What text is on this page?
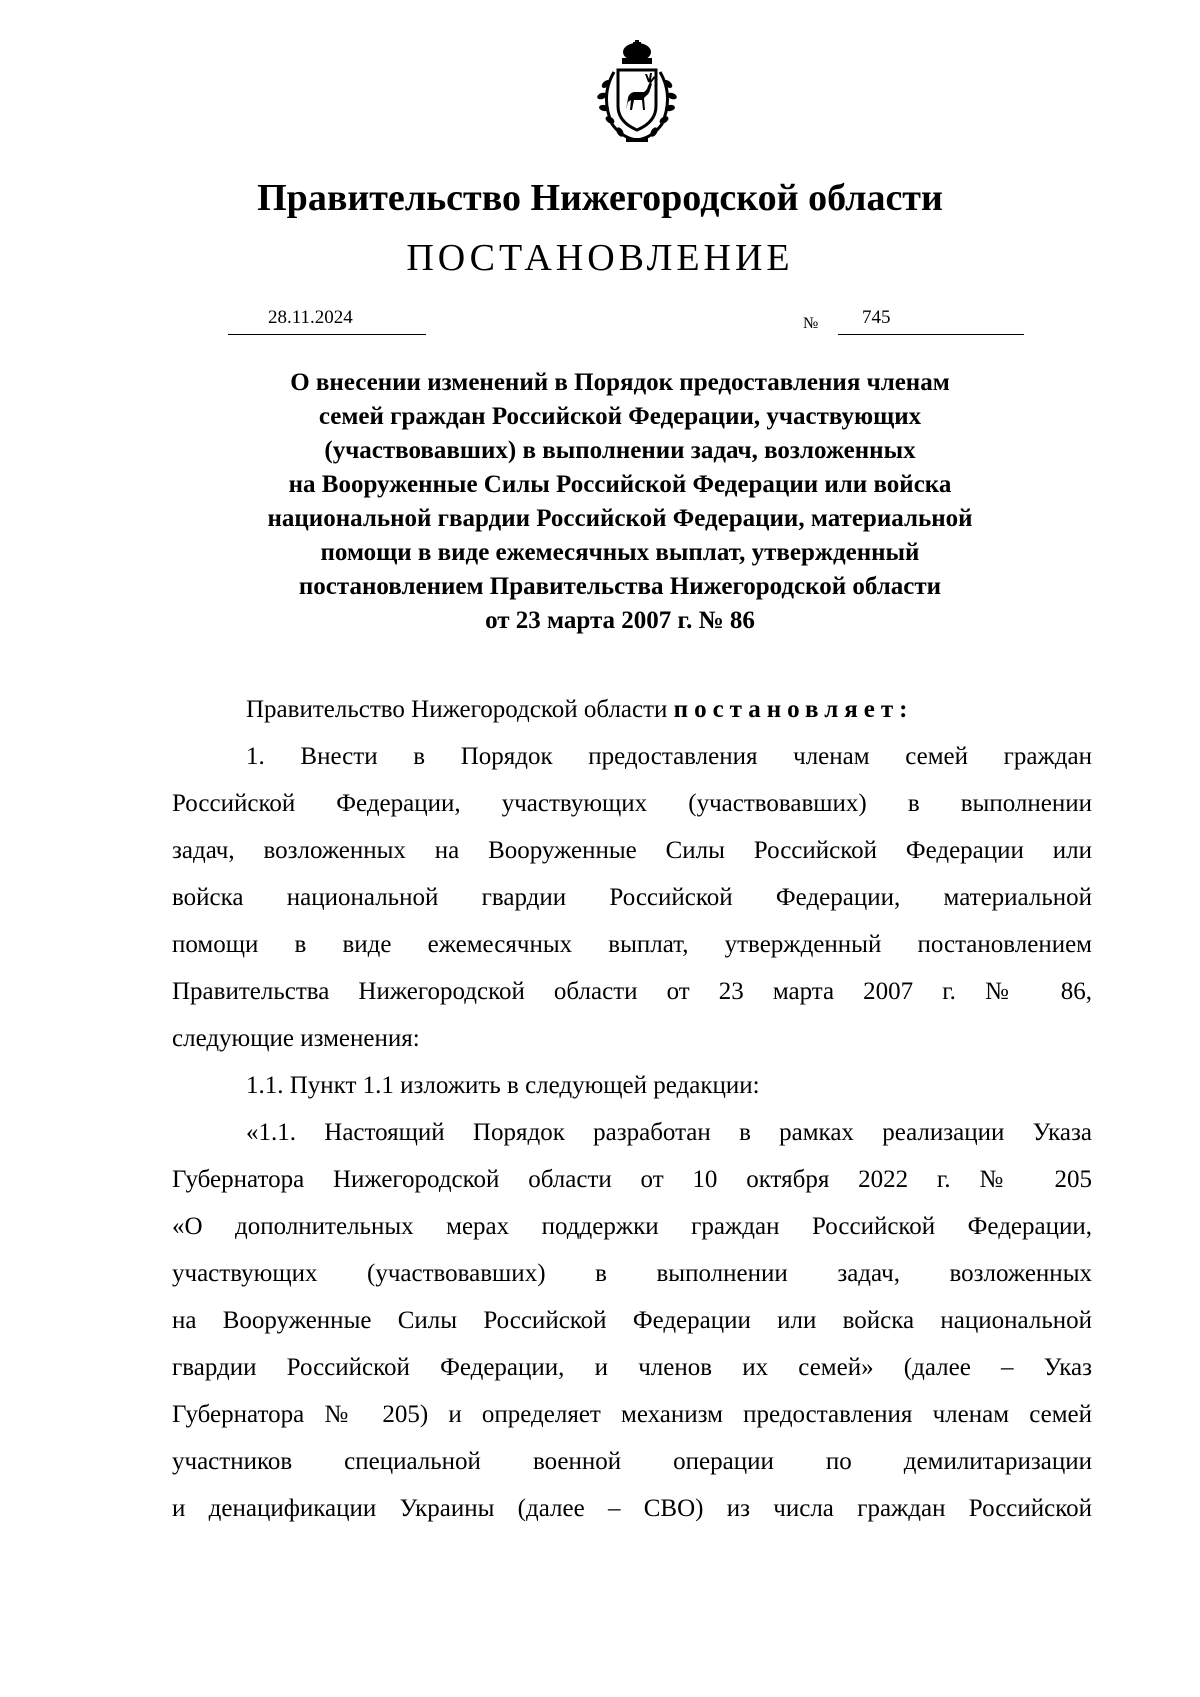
Правительство Нижегородской области
ПОСТАНОВЛЕНИЕ
28.11.2024	№	745
О внесении изменений в Порядок предоставления членам
семей граждан Российской Федерации, участвующих
(участвовавших) в выполнении задач, возложенных
на Вооруженные Силы Российской Федерации или войска
национальной гвардии Российской Федерации, материальной
помощи в виде ежемесячных выплат, утвержденный
постановлением Правительства Нижегородской области
от 23 марта 2007 г. № 86
Правительство Нижегородской области постановляет:
1. Внести в Порядок предоставления членам семей граждан
Российской Федерации, участвующих (участвовавших) в выполнении
задач, возложенных на Вооруженные Силы Российской Федерации или
войска национальной гвардии Российской Федерации, материальной
помощи в виде ежемесячных выплат, утвержденный постановлением
Правительства Нижегородской области от 23 марта 2007 г. № 86,
следующие изменения:
1.1. Пункт 1.1 изложить в следующей редакции:
«1.1. Настоящий Порядок разработан в рамках реализации Указа
Губернатора Нижегородской области от 10 октября 2022 г. № 205
«О дополнительных мерах поддержки граждан Российской Федерации,
участвующих (участвовавших) в выполнении задач, возложенных
на Вооруженные Силы Российской Федерации или войска национальной
гвардии Российской Федерации, и членов их семей» (далее – Указ
Губернатора № 205) и определяет механизм предоставления членам семей
участников специальной военной операции по демилитаризации
и денацификации Украины (далее – СВО) из числа граждан Российской
